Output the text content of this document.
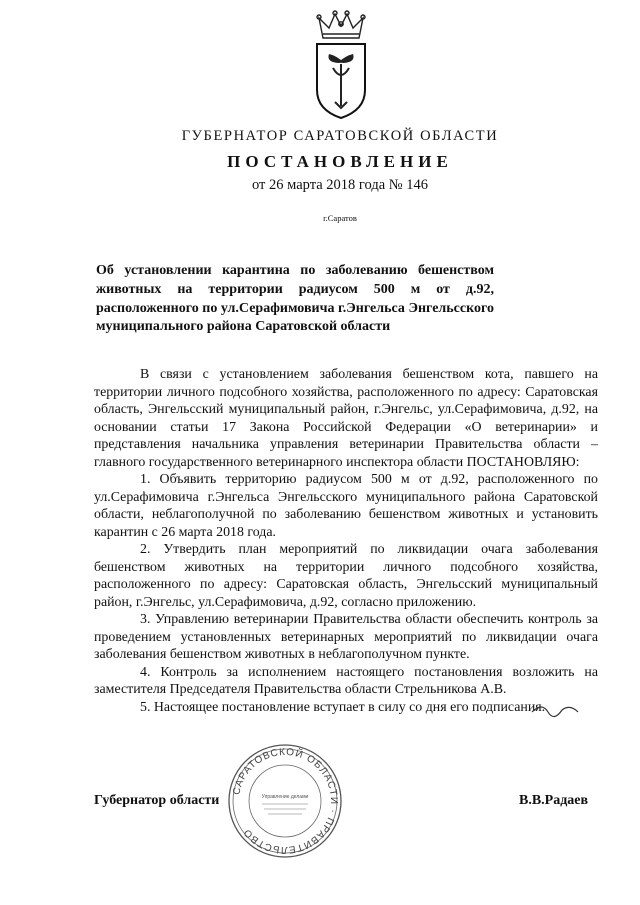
ГУБЕРНАТОР САРАТОВСКОЙ ОБЛАСТИ
ПОСТАНОВЛЕНИЕ
от 26 марта 2018 года № 146
г.Саратов
Об установлении карантина по заболеванию бешенством животных на территории радиусом 500 м от д.92, расположенного по ул.Серафимовича г.Энгельса Энгельсского муниципального района Саратовской области

В связи с установлением заболевания бешенством кота, павшего на территории личного подсобного хозяйства, расположенного по адресу: Саратовская область, Энгельсский муниципальный район, г.Энгельс, ул.Серафимовича, д.92, на основании статьи 17 Закона Российской Федерации «О ветеринарии» и представления начальника управления ветеринарии Правительства области – главного государственного ветеринарного инспектора области ПОСТАНОВЛЯЮ:

1. Объявить территорию радиусом 500 м от д.92, расположенного по ул.Серафимовича г.Энгельса Энгельсского муниципального района Саратовской области, неблагополучной по заболеванию бешенством животных и установить карантин с 26 марта 2018 года.

2. Утвердить план мероприятий по ликвидации очага заболевания бешенством животных на территории личного подсобного хозяйства, расположенного по адресу: Саратовская область, Энгельсский муниципальный район, г.Энгельс, ул.Серафимовича, д.92, согласно приложению.

3. Управлению ветеринарии Правительства области обеспечить контроль за проведением установленных ветеринарных мероприятий по ликвидации очага заболевания бешенством животных в неблагополучном пункте.

4. Контроль за исполнением настоящего постановления возложить на заместителя Председателя Правительства области Стрельникова А.В.

5. Настоящее постановление вступает в силу со дня его подписания.

САРАТОВСКОЙ ОБЛАСТИ · ПРАВИТЕЛЬСТВО
Управление делами
Губернатор области	В.В.Радаев
